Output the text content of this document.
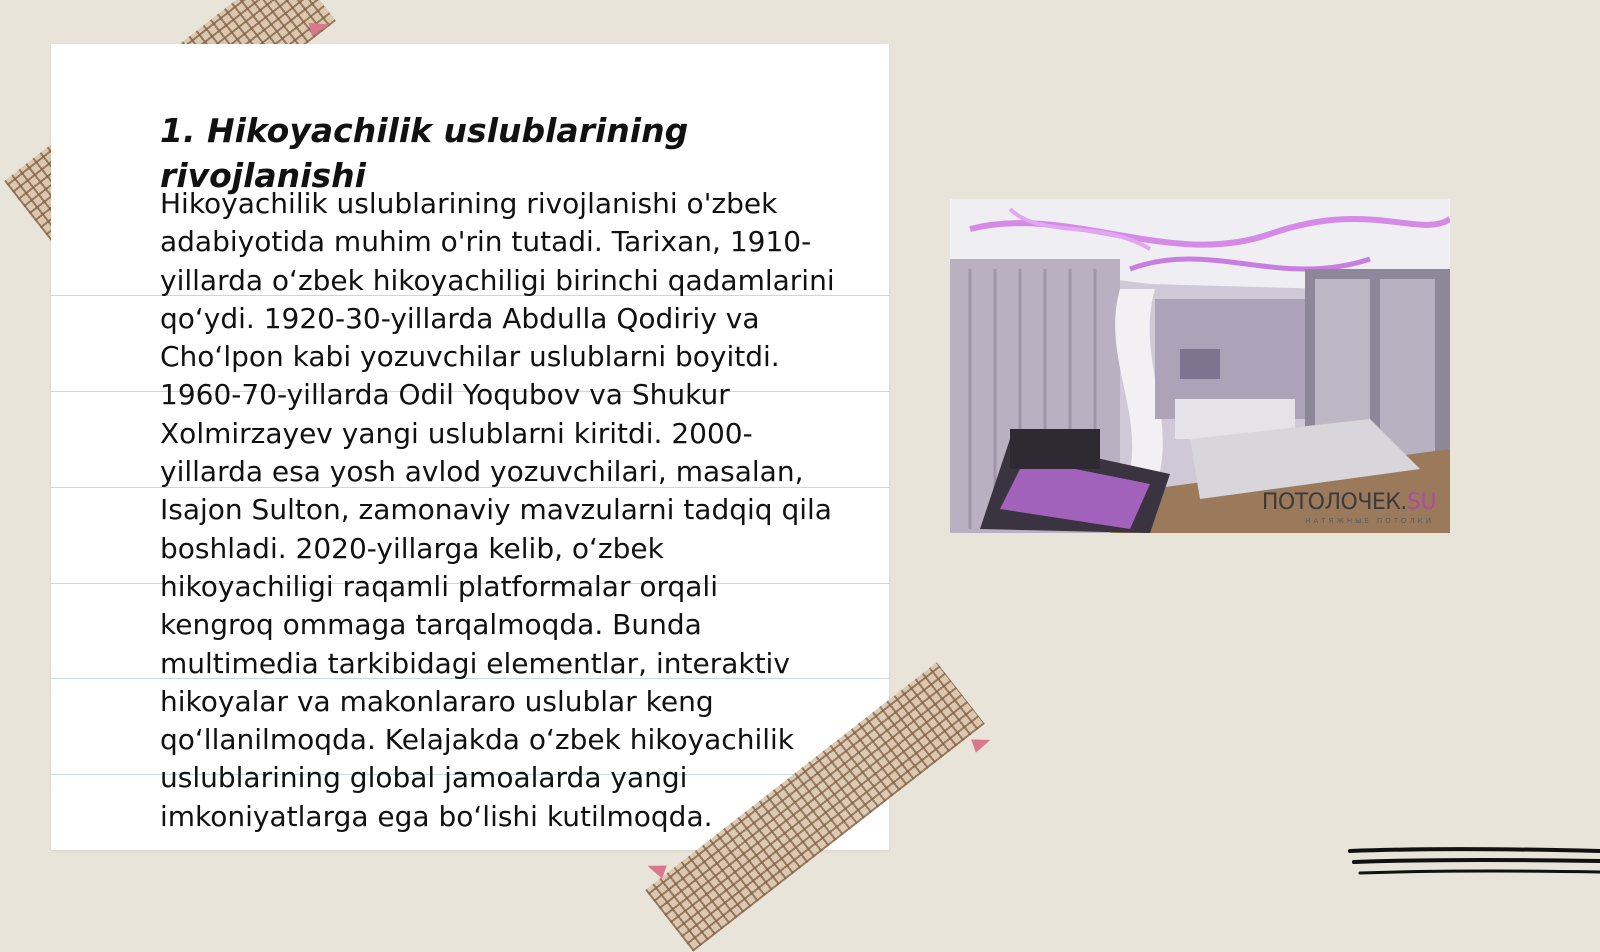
1. Hikoyachilik uslublarining rivojlanishi

Hikoyachilik uslublarining rivojlanishi o'zbek adabiyotida muhim o'rin tutadi. Tarixan, 1910-yillarda oʻzbek hikoyachiligi birinchi qadamlarini qoʻydi. 1920-30-yillarda Abdulla Qodiriy va Choʻlpon kabi yozuvchilar uslublarni boyitdi. 1960-70-yillarda Odil Yoqubov va Shukur Xolmirzayev yangi uslublarni kiritdi. 2000-yillarda esa yosh avlod yozuvchilari, masalan, Isajon Sulton, zamonaviy mavzularni tadqiq qila boshladi. 2020-yillarga kelib, oʻzbek hikoyachiligi raqamli platformalar orqali kengroq ommaga tarqalmoqda. Bunda multimedia tarkibidagi elementlar, interaktiv hikoyalar va makonlararo uslublar keng qoʻllanilmoqda. Kelajakda oʻzbek hikoyachilik uslublarining global jamoalarda yangi imkoniyatlarga ega boʻlishi kutilmoqda.

ПОТОЛОЧЕК.SU
НАТЯЖНЫЕ ПОТОЛКИ
